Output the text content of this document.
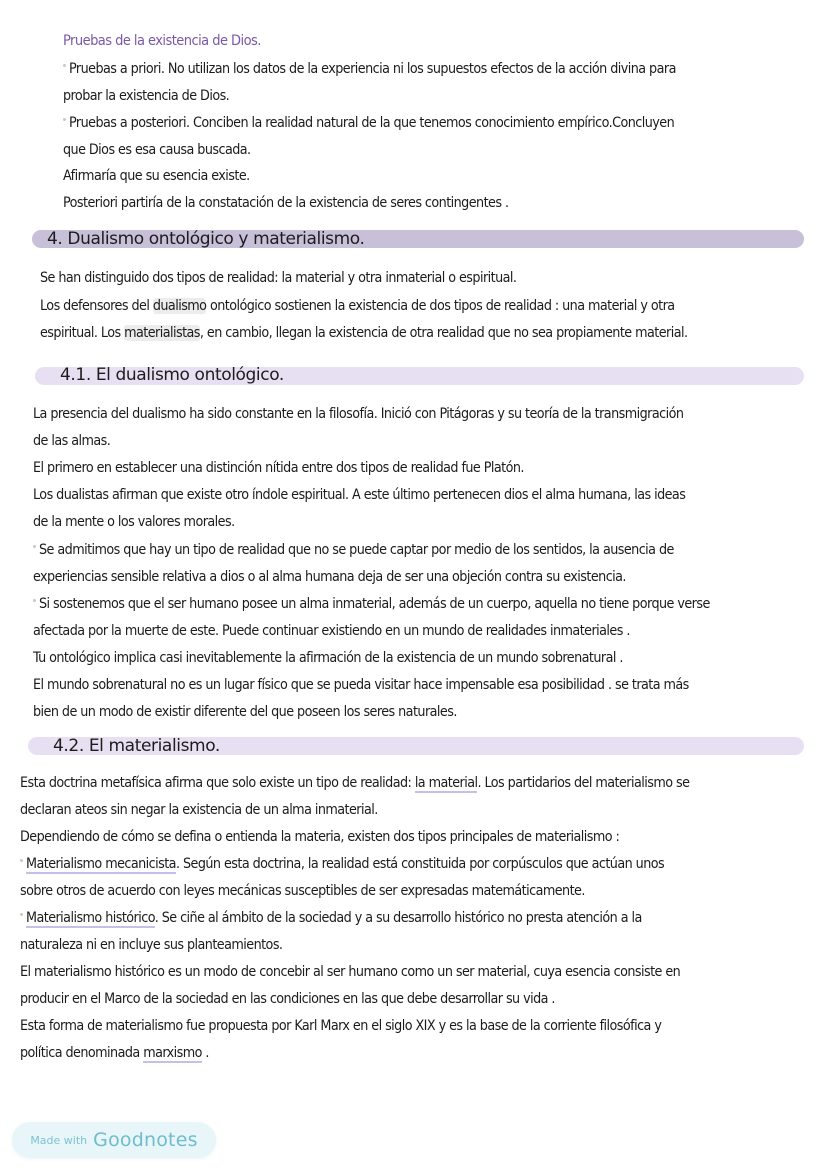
Pruebas de la existencia de Dios.
Pruebas a priori. No utilizan los datos de la experiencia ni los supuestos efectos de la acción divina para
probar la existencia de Dios.
Pruebas a posteriori. Conciben la realidad natural de la que tenemos conocimiento empírico.Concluyen
que Dios es esa causa buscada.
Afirmaría que su esencia existe.
Posteriori partiría de la constatación de la existencia de seres contingentes .
4. Dualismo ontológico y materialismo.
Se han distinguido dos tipos de realidad: la material y otra inmaterial o espiritual.
Los defensores del dualismo ontológico sostienen la existencia de dos tipos de realidad : una material y otra
espiritual. Los materialistas, en cambio, llegan la existencia de otra realidad que no sea propiamente material.
4.1. El dualismo ontológico.
La presencia del dualismo ha sido constante en la filosofía. Inició con Pitágoras y su teoría de la transmigración
de las almas.
El primero en establecer una distinción nítida entre dos tipos de realidad fue Platón.
Los dualistas afirman que existe otro índole espiritual. A este último pertenecen dios el alma humana, las ideas
de la mente o los valores morales.
Se admitimos que hay un tipo de realidad que no se puede captar por medio de los sentidos, la ausencia de
experiencias sensible relativa a dios o al alma humana deja de ser una objeción contra su existencia.
Si sostenemos que el ser humano posee un alma inmaterial, además de un cuerpo, aquella no tiene porque verse
afectada por la muerte de este. Puede continuar existiendo en un mundo de realidades inmateriales .
Tu ontológico implica casi inevitablemente la afirmación de la existencia de un mundo sobrenatural .
El mundo sobrenatural no es un lugar físico que se pueda visitar hace impensable esa posibilidad . se trata más
bien de un modo de existir diferente del que poseen los seres naturales.
4.2. El materialismo.
Esta doctrina metafísica afirma que solo existe un tipo de realidad: la material. Los partidarios del materialismo se
declaran ateos sin negar la existencia de un alma inmaterial.
Dependiendo de cómo se defina o entienda la materia, existen dos tipos principales de materialismo :
Materialismo mecanicista. Según esta doctrina, la realidad está constituida por corpúsculos que actúan unos
sobre otros de acuerdo con leyes mecánicas susceptibles de ser expresadas matemáticamente.
Materialismo histórico. Se ciñe al ámbito de la sociedad y a su desarrollo histórico no presta atención a la
naturaleza ni en incluye sus planteamientos.
El materialismo histórico es un modo de concebir al ser humano como un ser material, cuya esencia consiste en
producir en el Marco de la sociedad en las condiciones en las que debe desarrollar su vida .
Esta forma de materialismo fue propuesta por Karl Marx en el siglo XIX y es la base de la corriente filosófica y
política denominada marxismo .
Made with Goodnotes
